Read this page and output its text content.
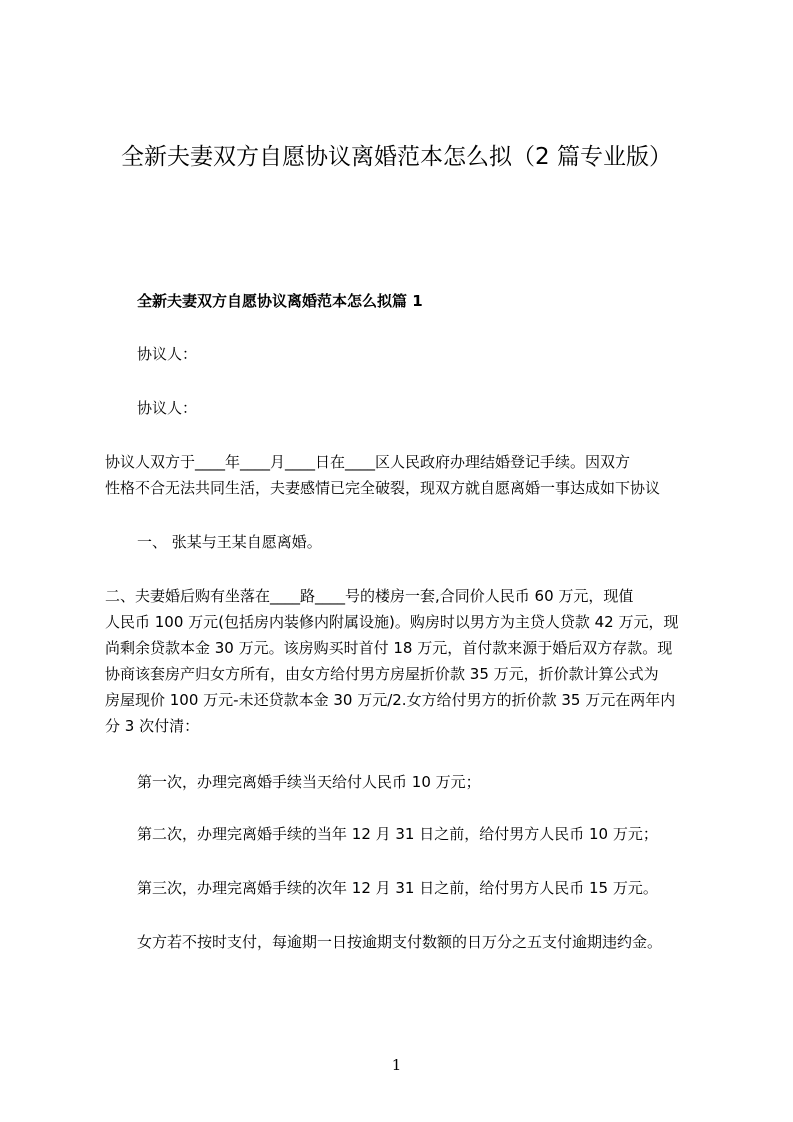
全新夫妻双方自愿协议离婚范本怎么拟（2 篇专业版）
全新夫妻双方自愿协议离婚范本怎么拟篇 1

协议人：

协议人：

协议人双方于____年____月____日在____区人民政府办理结婚登记手续。因双方
性格不合无法共同生活，夫妻感情已完全破裂，现双方就自愿离婚一事达成如下协议

一、 张某与王某自愿离婚。

二、夫妻婚后购有坐落在____路____号的楼房一套,合同价人民币 60 万元，现值
人民币 100 万元(包括房内装修内附属设施)。购房时以男方为主贷人贷款 42 万元，现
尚剩余贷款本金 30 万元。该房购买时首付 18 万元，首付款来源于婚后双方存款。现
协商该套房产归女方所有，由女方给付男方房屋折价款 35 万元，折价款计算公式为
房屋现价 100 万元-未还贷款本金 30 万元/2.女方给付男方的折价款 35 万元在两年内
分 3 次付清：

第一次，办理完离婚手续当天给付人民币 10 万元；

第二次，办理完离婚手续的当年 12 月 31 日之前，给付男方人民币 10 万元；

第三次，办理完离婚手续的次年 12 月 31 日之前，给付男方人民币 15 万元。

女方若不按时支付，每逾期一日按逾期支付数额的日万分之五支付逾期违约金。

1
